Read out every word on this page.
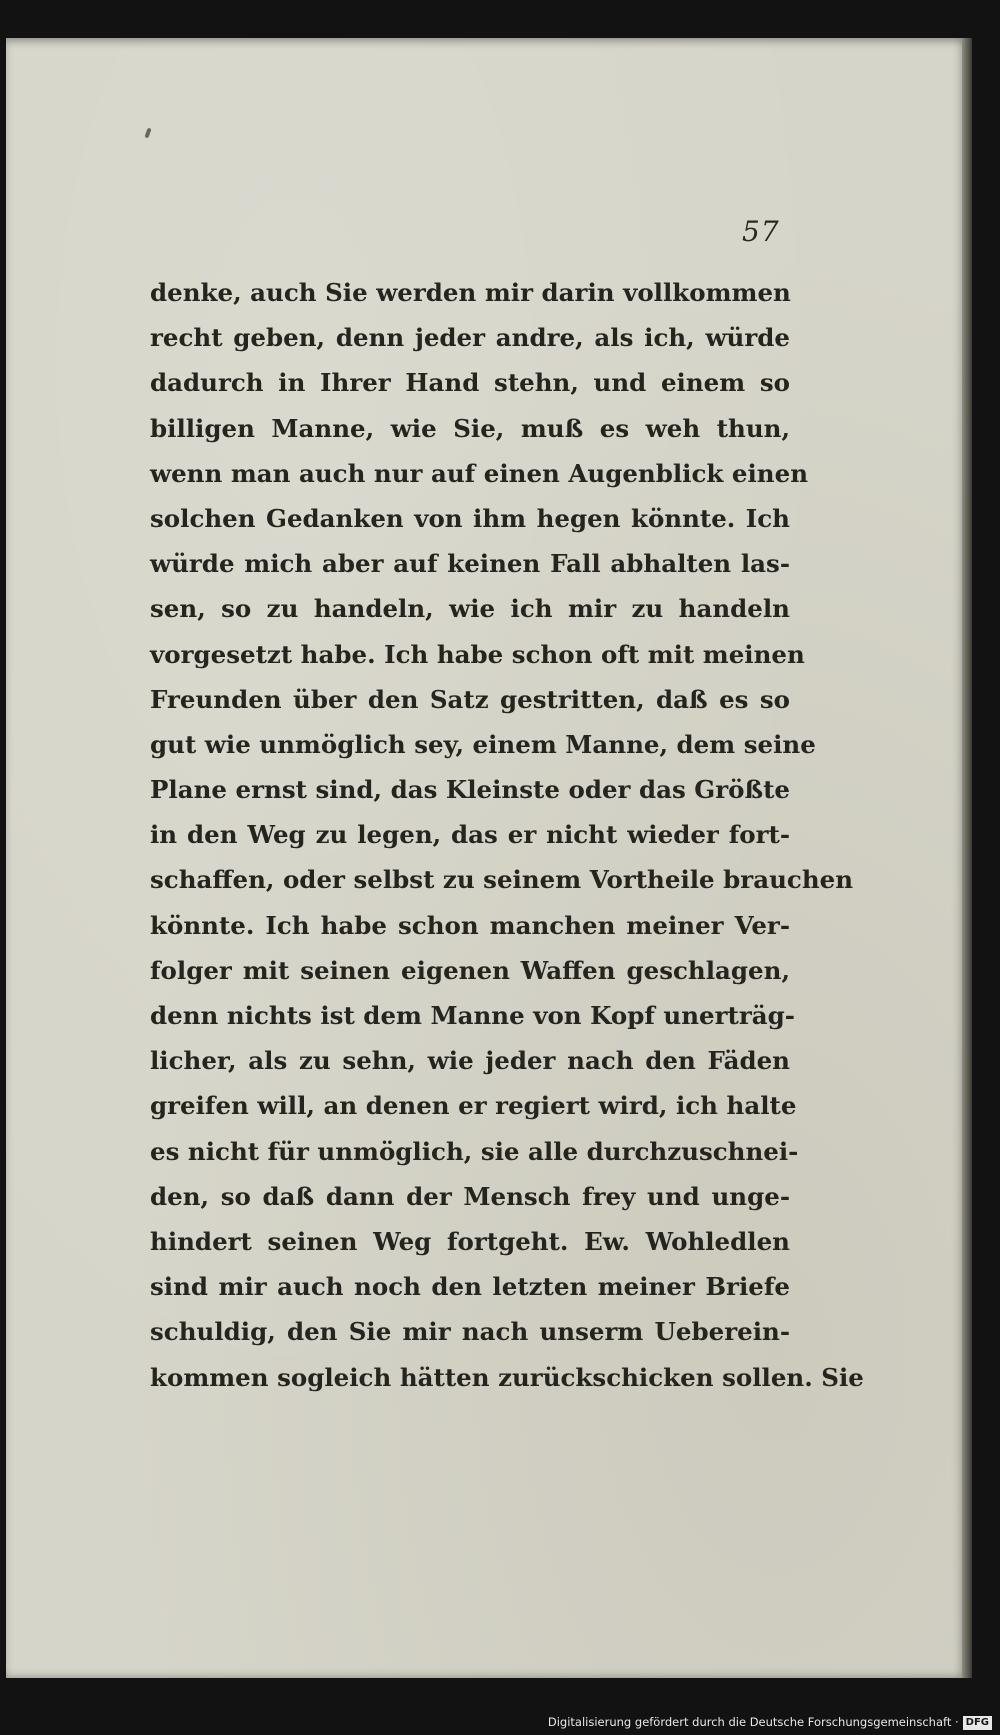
57
denke, auch Sie werden mir darin vollkommen
recht geben, denn jeder andre, als ich, würde
dadurch in Ihrer Hand stehn, und einem so
billigen Manne, wie Sie, muß es weh thun,
wenn man auch nur auf einen Augenblick einen
solchen Gedanken von ihm hegen könnte. Ich
würde mich aber auf keinen Fall abhalten las-
sen, so zu handeln, wie ich mir zu handeln
vorgesetzt habe. Ich habe schon oft mit meinen
Freunden über den Satz gestritten, daß es so
gut wie unmöglich sey, einem Manne, dem seine
Plane ernst sind, das Kleinste oder das Größte
in den Weg zu legen, das er nicht wieder fort-
schaffen, oder selbst zu seinem Vortheile brauchen
könnte. Ich habe schon manchen meiner Ver-
folger mit seinen eigenen Waffen geschlagen,
denn nichts ist dem Manne von Kopf unerträg-
licher, als zu sehn, wie jeder nach den Fäden
greifen will, an denen er regiert wird, ich halte
es nicht für unmöglich, sie alle durchzuschnei-
den, so daß dann der Mensch frey und unge-
hindert seinen Weg fortgeht. Ew. Wohledlen
sind mir auch noch den letzten meiner Briefe
schuldig, den Sie mir nach unserm Ueberein-
kommen sogleich hätten zurückschicken sollen. Sie
Digitalisierung gefördert durch die Deutsche Forschungsgemeinschaft · DFG
